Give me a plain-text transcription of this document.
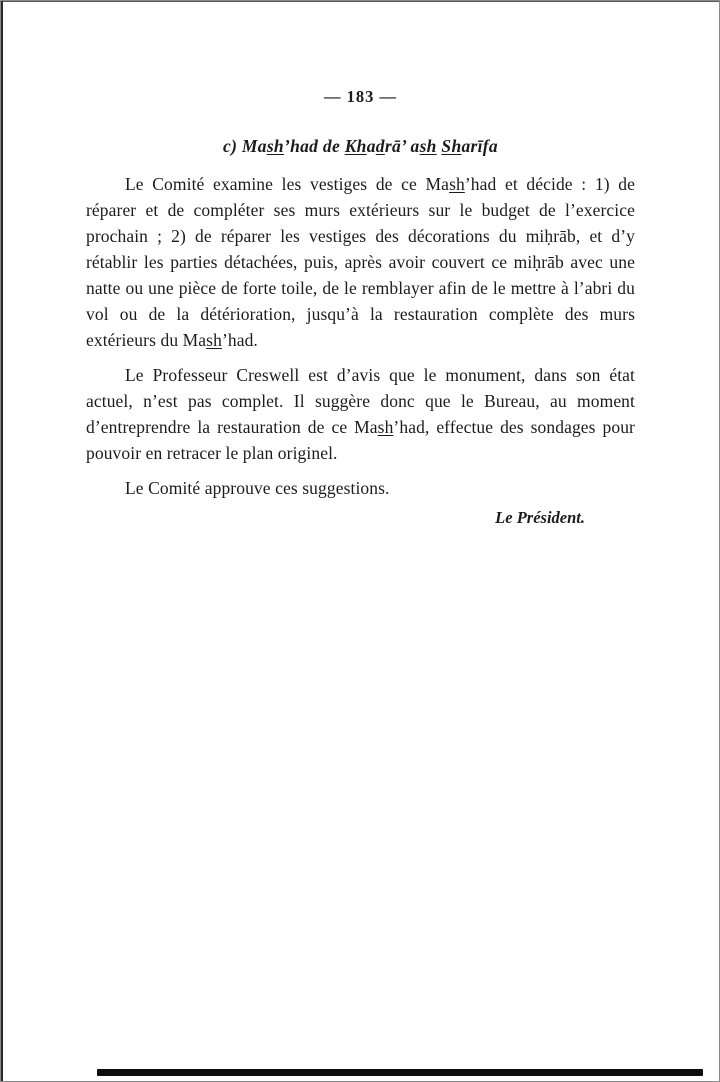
— 183 —
c) Mash’had de Khadrā’ ash Sharīfa

Le Comité examine les vestiges de ce Mash’had et décide : 1) de réparer et de compléter ses murs extérieurs sur le budget de l’exercice prochain ; 2) de réparer les vestiges des décorations du miḥrāb, et d’y rétablir les parties détachées, puis, après avoir couvert ce miḥrāb avec une natte ou une pièce de forte toile, de le remblayer afin de le mettre à l’abri du vol ou de la détérioration, jusqu’à la restauration complète des murs extérieurs du Mash’had.

Le Professeur Creswell est d’avis que le monument, dans son état actuel, n’est pas complet. Il suggère donc que le Bureau, au moment d’entreprendre la restauration de ce Mash’had, effectue des sondages pour pouvoir en retracer le plan originel.

Le Comité approuve ces suggestions.

Le Président.
